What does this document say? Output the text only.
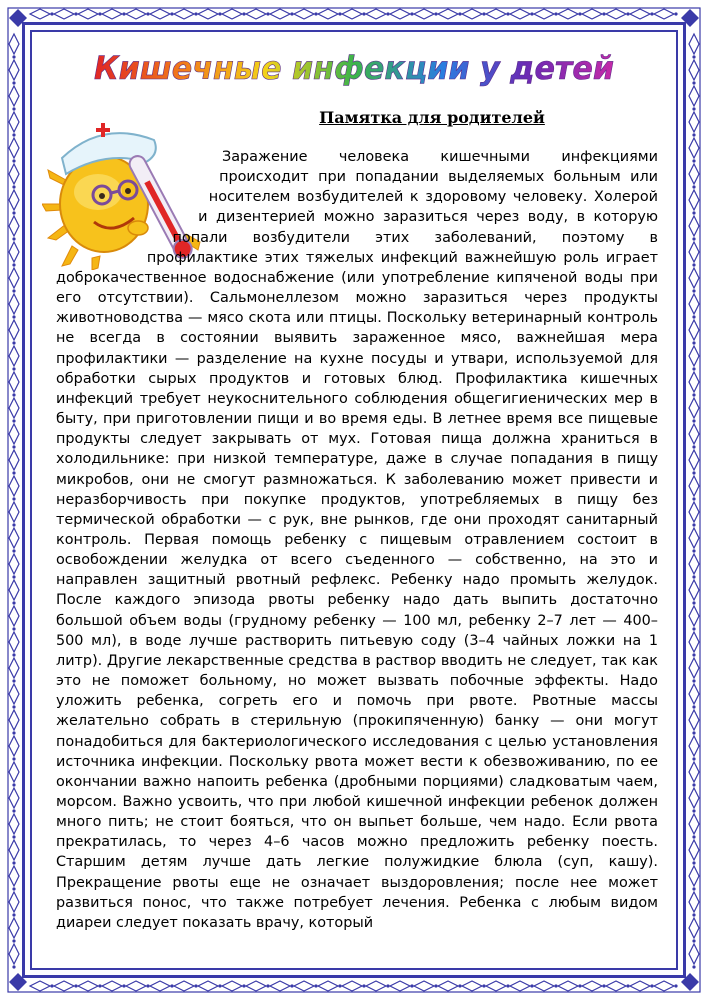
Кишечные инфекции у детей
Памятка для родителей

Заражение человека кишечными инфекциями происходит при попадании выделяемых больным или носителем возбудителей к здоровому человеку. Холерой и дизентерией можно заразиться через воду, в которую попали возбудители этих заболеваний, поэтому в профилактике этих тяжелых инфекций важнейшую роль играет доброкачественное водоснабжение (или употребление кипяченой воды при его отсутствии). Сальмонеллезом можно заразиться через продукты животноводства — мясо скота или птицы. Поскольку ветеринарный контроль не всегда в состоянии выявить зараженное мясо, важнейшая мера профилактики — разделение на кухне посуды и утвари, используемой для обработки сырых продуктов и готовых блюд. Профилактика кишечных инфекций требует неукоснительного соблюдения общегигиенических мер в быту, при приготовлении пищи и во время еды. В летнее время все пищевые продукты следует закрывать от мух. Готовая пища должна храниться в холодильнике: при низкой температуре, даже в случае попадания в пищу микробов, они не смогут размножаться. К заболеванию может привести и неразборчивость при покупке продуктов, употребляемых в пищу без термической обработки — с рук, вне рынков, где они проходят санитарный контроль. Первая помощь ребенку с пищевым отравлением состоит в освобождении желудка от всего съеденного — собственно, на это и направлен защитный рвотный рефлекс. Ребенку надо промыть желудок. После каждого эпизода рвоты ребенку надо дать выпить достаточно большой объем воды (грудному ребенку — 100 мл, ребенку 2–7 лет — 400–500 мл), в воде лучше растворить питьевую соду (3–4 чайных ложки на 1 литр). Другие лекарственные средства в раствор вводить не следует, так как это не поможет больному, но может вызвать побочные эффекты. Надо уложить ребенка, согреть его и помочь при рвоте. Рвотные массы желательно собрать в стерильную (прокипяченную) банку — они могут понадобиться для бактериологического исследования с целью установления источника инфекции. Поскольку рвота может вести к обезвоживанию, по ее окончании важно напоить ребенка (дробными порциями) сладковатым чаем, морсом. Важно усвоить, что при любой кишечной инфекции ребенок должен много пить; не стоит бояться, что он выпьет больше, чем надо. Если рвота прекратилась, то через 4–6 часов можно предложить ребенку поесть. Старшим детям лучше дать легкие полужидкие блюла (суп, кашу). Прекращение рвоты еще не означает выздоровления; после нее может развиться понос, что также потребует лечения. Ребенка с любым видом диареи следует показать врачу, который
